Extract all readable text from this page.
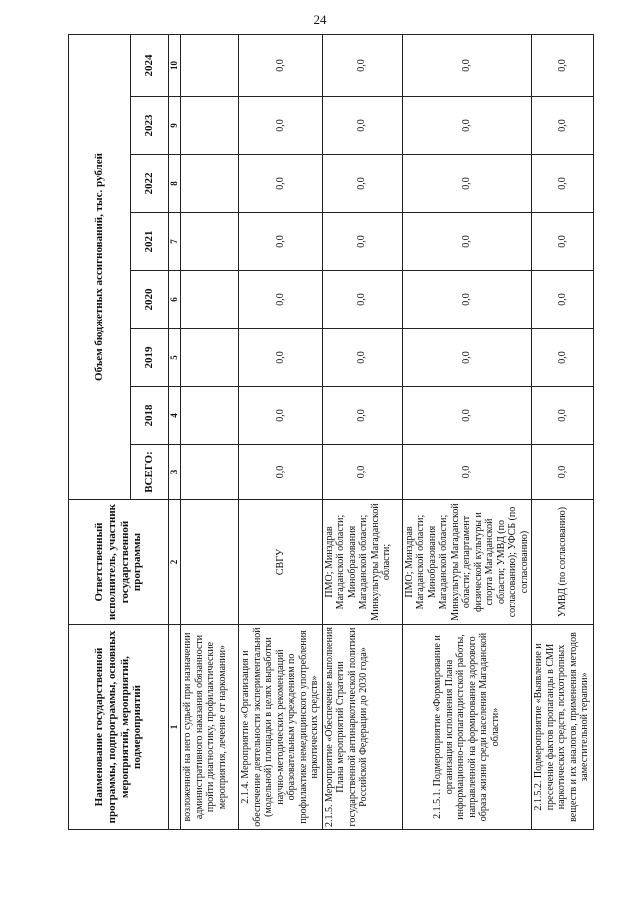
24
Наименование государственной программы, подпрограммы, основных мероприятий, мероприятий, подмероприятий	Ответственный исполнитель, участник государственной программы	Объем бюджетных ассигнований, тыс. рублей							
		ВСЕГО:	2018	2019	2020	2021	2022	2023	2024
1	2	3	4	5	6	7	8	9	10
возложенной на него судьей при назначении административного наказания обязанности пройти диагностику, профилактические мероприятия, лечение от наркомании»									
2.1.4. Мероприятие «Организация и обеспечение деятельности экспериментальной (модельной) площадки в целях выработки научно-методических рекомендаций образовательным учреждениям по профилактике немедицинского употребления наркотических средств»	СВГУ	0,0	0,0	0,0	0,0	0,0	0,0	0,0	0,0
2.1.5. Мероприятие «Обеспечение выполнения Плана мероприятий Стратегии государственной антинаркотической политики Российской Федерации до 2030 года»	ПМО; Минздрав Магаданской области; Минобразования Магаданской области; Минкультуры Магаданской области;	0,0	0,0	0,0	0,0	0,0	0,0	0,0	0,0
2.1.5.1. Подмероприятие «Формирование и организация исполнения Плана информационно-пропагандистской работы, направленной на формирование здорового образа жизни среди населения Магаданской области»	ПМО; Минздрав Магаданской области; Минобразования Магаданской области; Минкультуры Магаданской области; департамент физической культуры и спорта Магаданской области; УМВД (по согласованию); УФСБ (по согласованию)	0,0	0,0	0,0	0,0	0,0	0,0	0,0	0,0
2.1.5.2. Подмероприятие «Выявление и пресечение фактов пропаганды в СМИ наркотических средств, психотропных веществ и их аналогов, применения методов заместительной терапии»	УМВД (по согласованию)	0,0	0,0	0,0	0,0	0,0	0,0	0,0	0,0
